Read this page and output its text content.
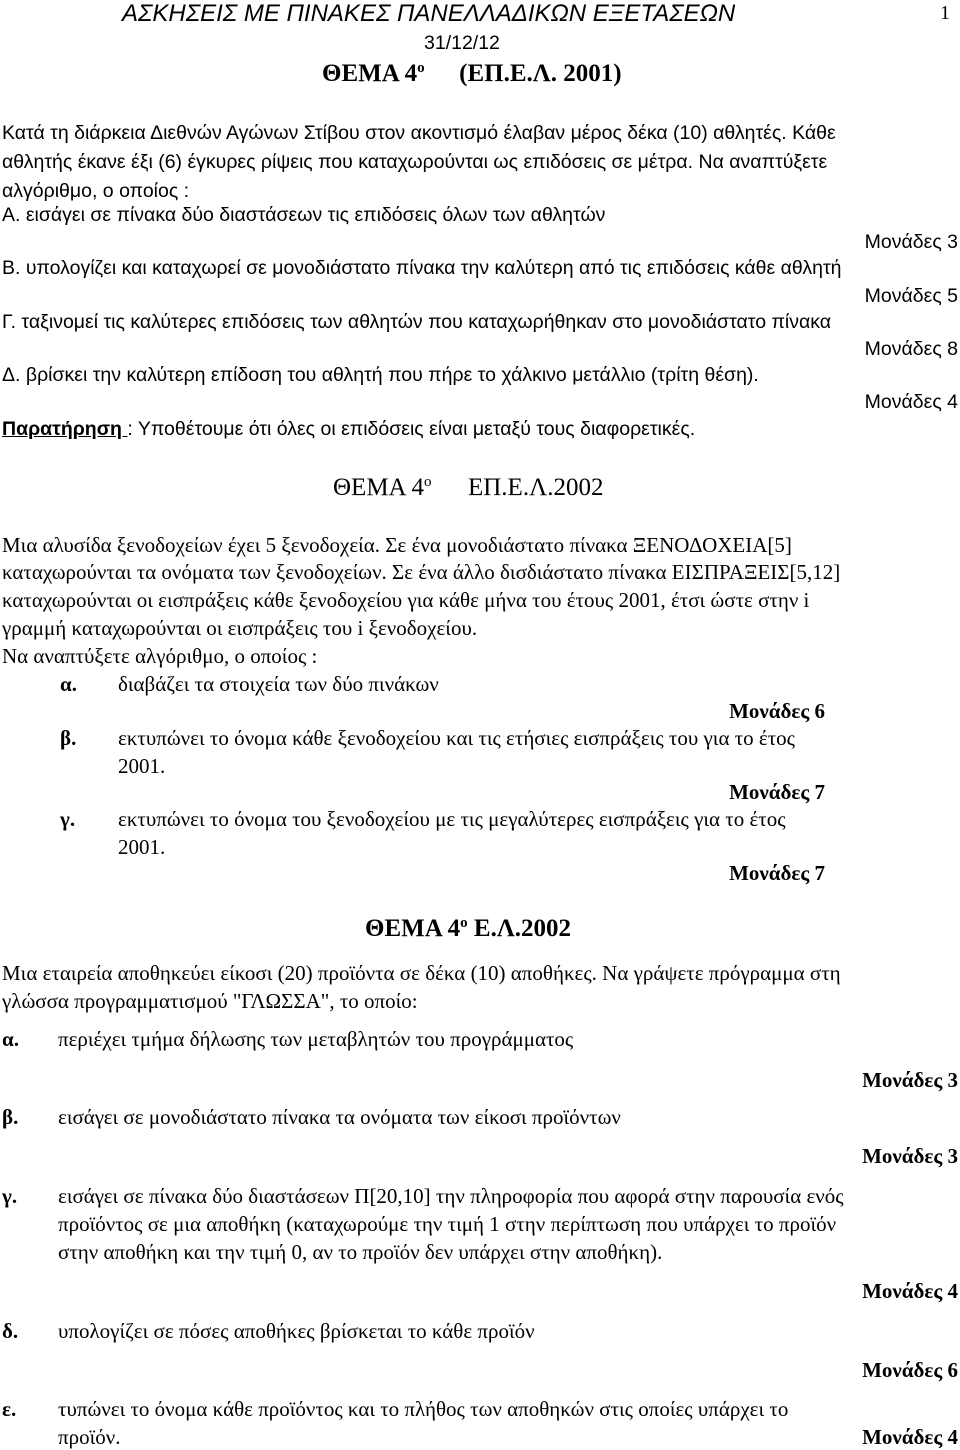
ΑΣΚΗΣΕΙΣ ΜΕ ΠΙΝΑΚΕΣ ΠΑΝΕΛΛΑΔΙΚΩΝ ΕΞΕΤΑΣΕΩΝ	1
31/12/12
ΘΕΜΑ $4^o$ (ΕΠ.Ε.Λ. 2001)
Κατά τη διάρκεια Διεθνών Αγώνων Στίβου στον ακοντισμό έλαβαν μέρος δέκα (10) αθλητές. Κάθε
αθλητής έκανε έξι (6) έγκυρες ρίψεις που καταχωρούνται ως επιδόσεις σε μέτρα. Να αναπτύξετε
αλγόριθμο, ο οποίος :
Α. εισάγει σε πίνακα δύο διαστάσεων τις επιδόσεις όλων των αθλητών
Μονάδες 3
Β. υπολογίζει και καταχωρεί σε μονοδιάστατο πίνακα την καλύτερη από τις επιδόσεις κάθε αθλητή
Μονάδες 5
Γ. ταξινομεί τις καλύτερες επιδόσεις των αθλητών που καταχωρήθηκαν στο μονοδιάστατο πίνακα
Μονάδες 8
Δ. βρίσκει την καλύτερη επίδοση του αθλητή που πήρε το χάλκινο μετάλλιο (τρίτη θέση).
Μονάδες 4
Παρατήρηση : Υποθέτουμε ότι όλες οι επιδόσεις είναι μεταξύ τους διαφορετικές.
ΘΕΜΑ $4^o$ ΕΠ.Ε.Λ.2002
Μια αλυσίδα ξενοδοχείων έχει 5 ξενοδοχεία. Σε ένα μονοδιάστατο πίνακα ΞΕΝΟΔΟΧΕΙΑ[5]
καταχωρούνται τα ονόματα των ξενοδοχείων. Σε ένα άλλο δισδιάστατο πίνακα ΕΙΣΠΡΑΞΕΙΣ[5,12]
καταχωρούνται οι εισπράξεις κάθε ξενοδοχείου για κάθε μήνα του έτους 2001, έτσι ώστε στην i
γραμμή καταχωρούνται οι εισπράξεις του i ξενοδοχείου.
Να αναπτύξετε αλγόριθμο, ο οποίος :
α. διαβάζει τα στοιχεία των δύο πινάκων
Μονάδες 6
β. εκτυπώνει το όνομα κάθε ξενοδοχείου και τις ετήσιες εισπράξεις του για το έτος
2001.
Μονάδες 7
γ. εκτυπώνει το όνομα του ξενοδοχείου με τις μεγαλύτερες εισπράξεις για το έτος
2001.
Μονάδες 7
ΘΕΜΑ $4^o$ Ε.Λ.2002
Μια εταιρεία αποθηκεύει είκοσι (20) προϊόντα σε δέκα (10) αποθήκες. Να γράψετε πρόγραμμα στη
γλώσσα προγραμματισμού "ΓΛΩΣΣΑ", το οποίο:
α. περιέχει τμήμα δήλωσης των μεταβλητών του προγράμματος
Μονάδες 3
β. εισάγει σε μονοδιάστατο πίνακα τα ονόματα των είκοσι προϊόντων
Μονάδες 3
γ. εισάγει σε πίνακα δύο διαστάσεων Π[20,10] την πληροφορία που αφορά στην παρουσία ενός
προϊόντος σε μια αποθήκη (καταχωρούμε την τιμή 1 στην περίπτωση που υπάρχει το προϊόν
στην αποθήκη και την τιμή 0, αν το προϊόν δεν υπάρχει στην αποθήκη).
Μονάδες 4
δ. υπολογίζει σε πόσες αποθήκες βρίσκεται το κάθε προϊόν
Μονάδες 6
ε. τυπώνει το όνομα κάθε προϊόντος και το πλήθος των αποθηκών στις οποίες υπάρχει το
προϊόν.	Μονάδες 4
